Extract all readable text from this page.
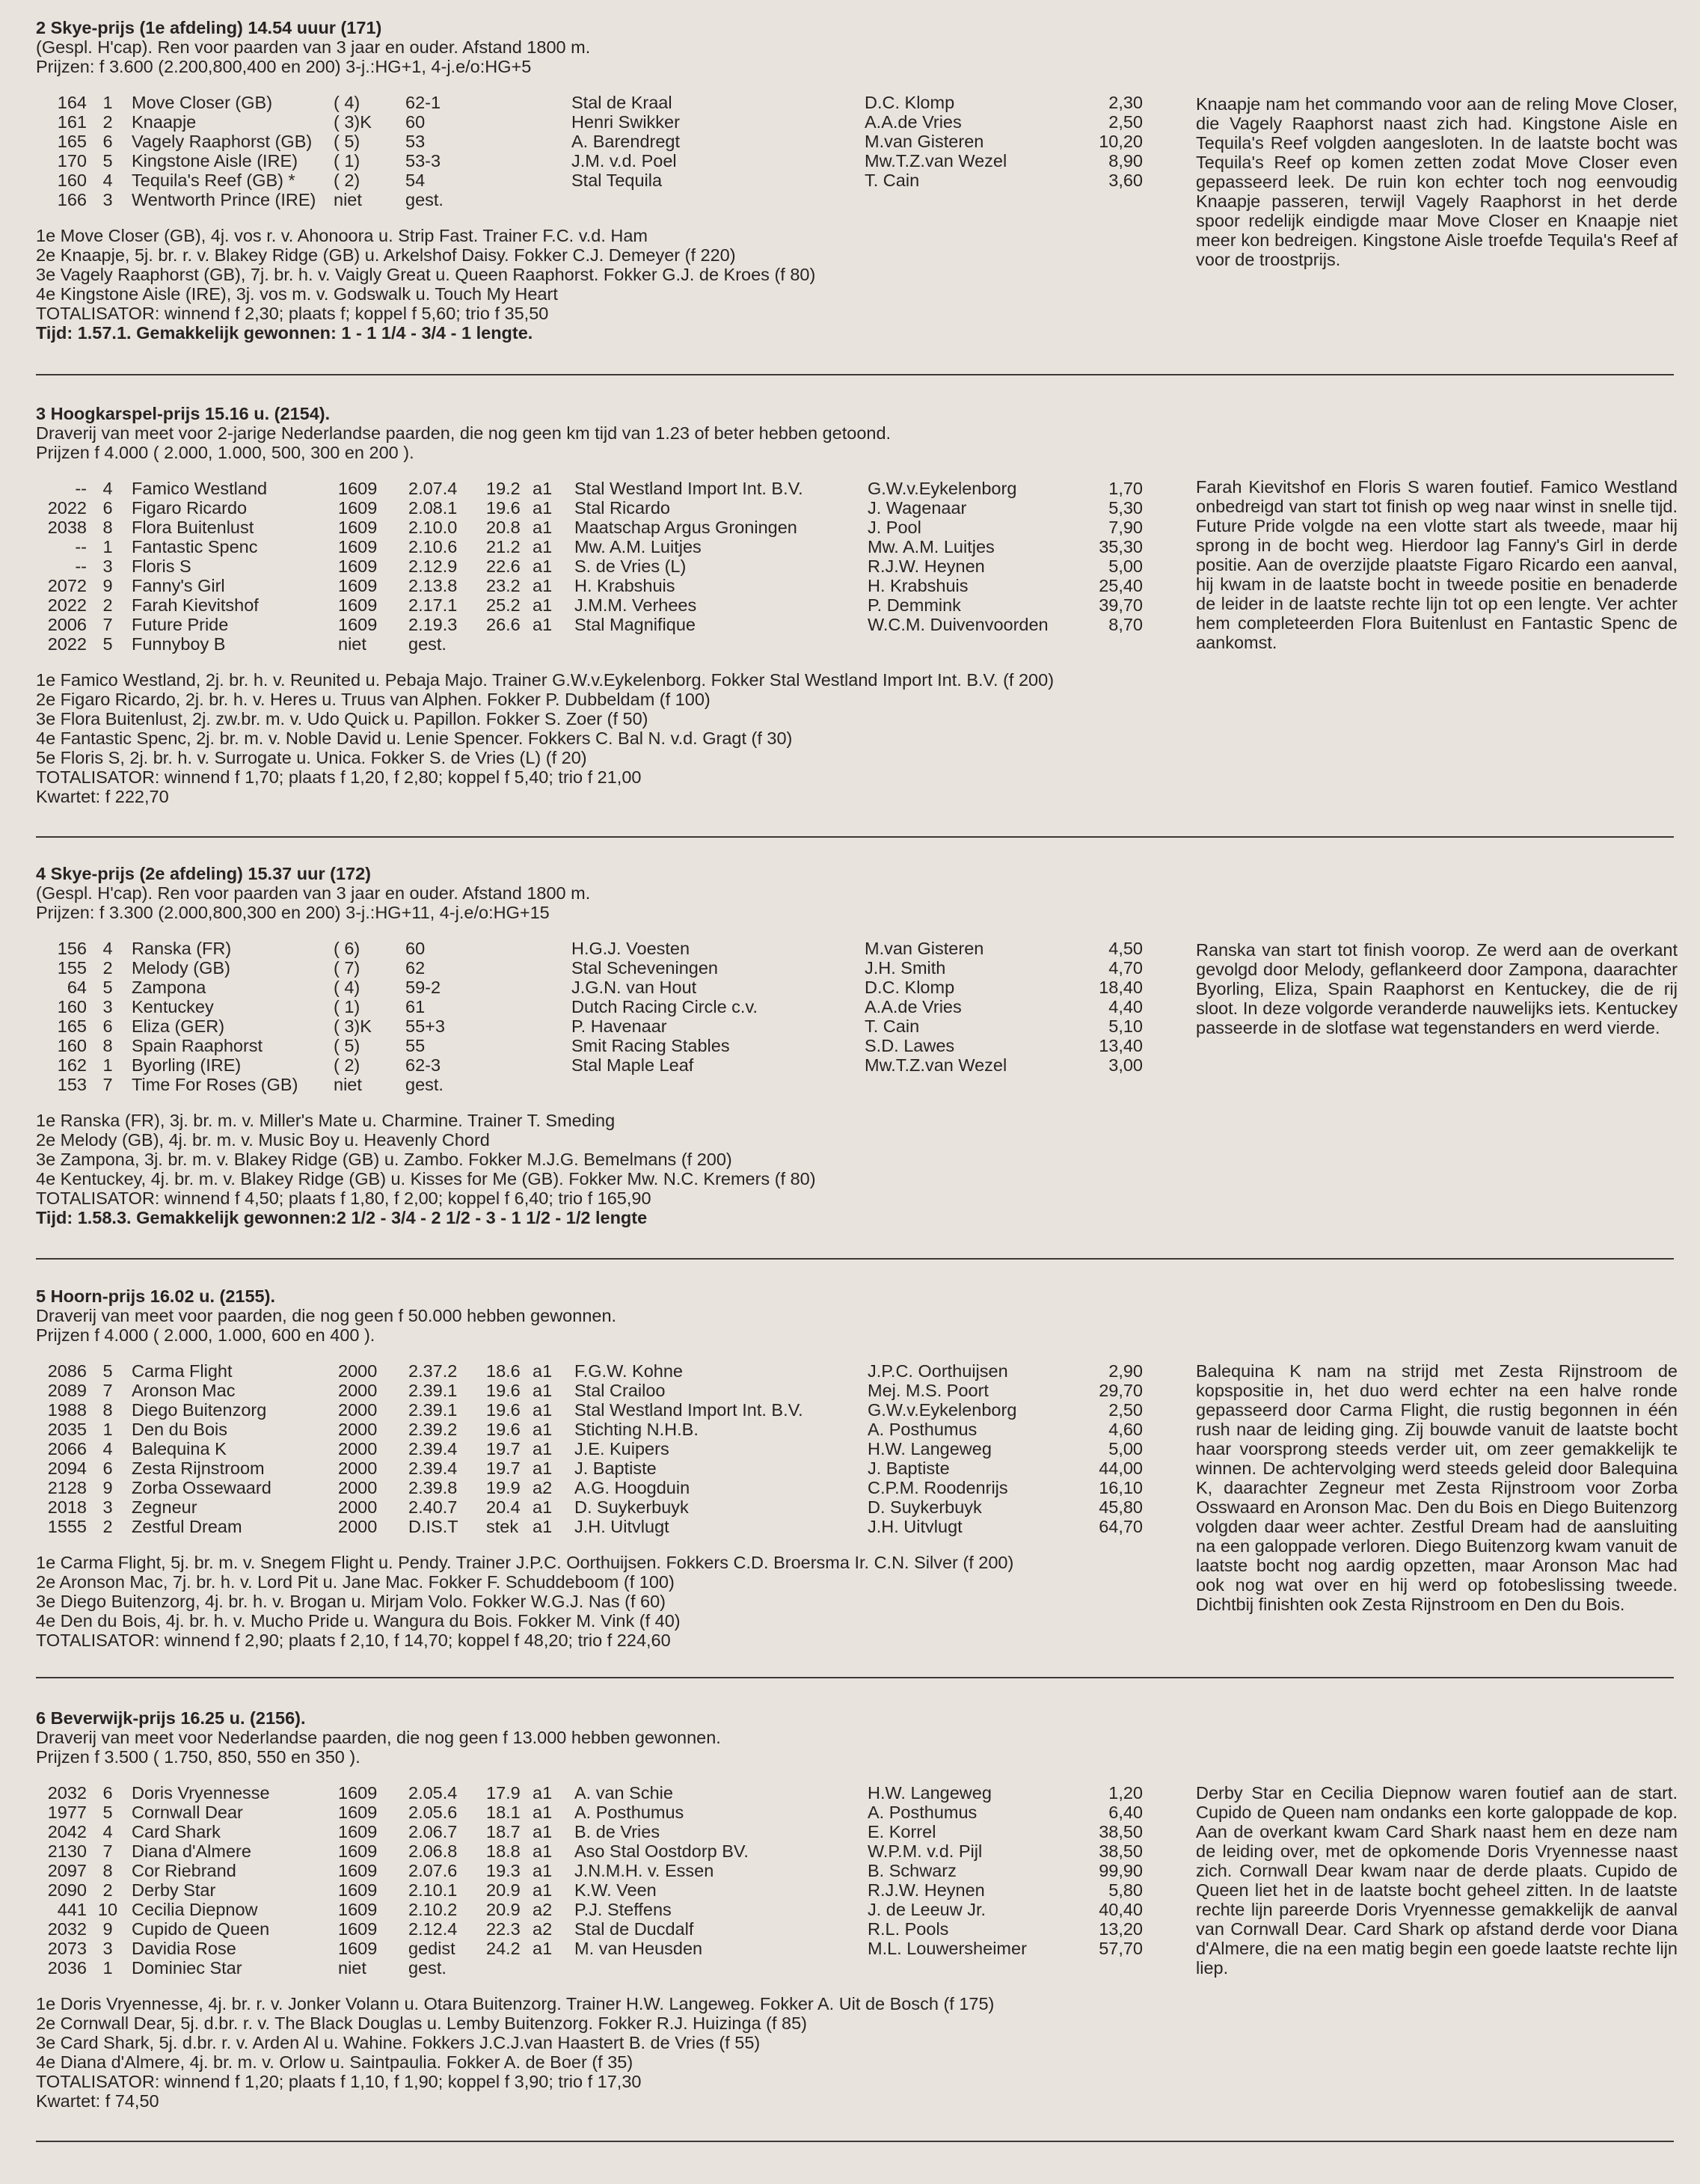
2 Skye-prijs (1e afdeling) 14.54 uuur (171)
(Gespl. H'cap). Ren voor paarden van 3 jaar en ouder. Afstand 1800 m.
Prijzen: f 3.600 (2.200,800,400 en 200) 3-j.:HG+1, 4-j.e/o:HG+5
164 1	Move Closer (GB)	( 4)	62-1	Stal de Kraal	D.C. Klomp	2,30
161 2	Knaapje	( 3)K	60	Henri Swikker	A.A.de Vries	2,50
165 6	Vagely Raaphorst (GB)	( 5)	53	A. Barendregt	M.van Gisteren	10,20
170 5	Kingstone Aisle (IRE)	( 1)	53-3	J.M. v.d. Poel	Mw.T.Z.van Wezel	8,90
160 4	Tequila's Reef (GB) *	( 2)	54	Stal Tequila	T. Cain	3,60
166 3	Wentworth Prince (IRE)	niet	gest.
Knaapje nam het commando voor aan de reling Move Closer, die Vagely Raaphorst naast zich had. Kingstone Aisle en Tequila's Reef volgden aangesloten. In de laatste bocht was Tequila's Reef op komen zetten zodat Move Closer even gepasseerd leek. De ruin kon echter toch nog eenvoudig Knaapje passeren, terwijl Vagely Raaphorst in het derde spoor redelijk eindigde maar Move Closer en Knaapje niet meer kon bedreigen. Kingstone Aisle troefde Tequila's Reef af voor de troostprijs.
1e Move Closer (GB), 4j. vos r. v. Ahonoora u. Strip Fast. Trainer F.C. v.d. Ham
2e Knaapje, 5j. br. r. v. Blakey Ridge (GB) u. Arkelshof Daisy. Fokker C.J. Demeyer (f 220)
3e Vagely Raaphorst (GB), 7j. br. h. v. Vaigly Great u. Queen Raaphorst. Fokker G.J. de Kroes (f 80)
4e Kingstone Aisle (IRE), 3j. vos m. v. Godswalk u. Touch My Heart
TOTALISATOR: winnend f 2,30; plaats f; koppel f 5,60; trio f 35,50
Tijd: 1.57.1. Gemakkelijk gewonnen: 1 - 1 1/4 - 3/4 - 1 lengte.
3 Hoogkarspel-prijs 15.16 u. (2154).
Draverij van meet voor 2-jarige Nederlandse paarden, die nog geen km tijd van 1.23 of beter hebben getoond.
Prijzen f 4.000 ( 2.000, 1.000, 500, 300 en 200 ).
-- 4	Famico Westland	1609	2.07.4	19.2 a1	Stal Westland Import Int. B.V.	G.W.v.Eykelenborg	1,70
2022 6	Figaro Ricardo	1609	2.08.1	19.6 a1	Stal Ricardo	J. Wagenaar	5,30
2038 8	Flora Buitenlust	1609	2.10.0	20.8 a1	Maatschap Argus Groningen	J. Pool	7,90
-- 1	Fantastic Spenc	1609	2.10.6	21.2 a1	Mw. A.M. Luitjes	Mw. A.M. Luitjes	35,30
-- 3	Floris S	1609	2.12.9	22.6 a1	S. de Vries (L)	R.J.W. Heynen	5,00
2072 9	Fanny's Girl	1609	2.13.8	23.2 a1	H. Krabshuis	H. Krabshuis	25,40
2022 2	Farah Kievitshof	1609	2.17.1	25.2 a1	J.M.M. Verhees	P. Demmink	39,70
2006 7	Future Pride	1609	2.19.3	26.6 a1	Stal Magnifique	W.C.M. Duivenvoorden	8,70
2022 5	Funnyboy B	niet	gest.
Farah Kievitshof en Floris S waren foutief. Famico Westland onbedreigd van start tot finish op weg naar winst in snelle tijd. Future Pride volgde na een vlotte start als tweede, maar hij sprong in de bocht weg. Hierdoor lag Fanny's Girl in derde positie. Aan de overzijde plaatste Figaro Ricardo een aanval, hij kwam in de laatste bocht in tweede positie en benaderde de leider in de laatste rechte lijn tot op een lengte. Ver achter hem completeerden Flora Buitenlust en Fantastic Spenc de aankomst.
1e Famico Westland, 2j. br. h. v. Reunited u. Pebaja Majo. Trainer G.W.v.Eykelenborg. Fokker Stal Westland Import Int. B.V. (f 200)
2e Figaro Ricardo, 2j. br. h. v. Heres u. Truus van Alphen. Fokker P. Dubbeldam (f 100)
3e Flora Buitenlust, 2j. zw.br. m. v. Udo Quick u. Papillon. Fokker S. Zoer (f 50)
4e Fantastic Spenc, 2j. br. m. v. Noble David u. Lenie Spencer. Fokkers C. Bal N. v.d. Gragt (f 30)
5e Floris S, 2j. br. h. v. Surrogate u. Unica. Fokker S. de Vries (L) (f 20)
TOTALISATOR: winnend f 1,70; plaats f 1,20, f 2,80; koppel f 5,40; trio f 21,00
Kwartet: f 222,70
4 Skye-prijs (2e afdeling) 15.37 uur (172)
(Gespl. H'cap). Ren voor paarden van 3 jaar en ouder. Afstand 1800 m.
Prijzen: f 3.300 (2.000,800,300 en 200) 3-j.:HG+11, 4-j.e/o:HG+15
156 4	Ranska (FR)	( 6)	60	H.G.J. Voesten	M.van Gisteren	4,50
155 2	Melody (GB)	( 7)	62	Stal Scheveningen	J.H. Smith	4,70
64 5	Zampona	( 4)	59-2	J.G.N. van Hout	D.C. Klomp	18,40
160 3	Kentuckey	( 1)	61	Dutch Racing Circle c.v.	A.A.de Vries	4,40
165 6	Eliza (GER)	( 3)K	55+3	P. Havenaar	T. Cain	5,10
160 8	Spain Raaphorst	( 5)	55	Smit Racing Stables	S.D. Lawes	13,40
162 1	Byorling (IRE)	( 2)	62-3	Stal Maple Leaf	Mw.T.Z.van Wezel	3,00
153 7	Time For Roses (GB)	niet	gest.
Ranska van start tot finish voorop. Ze werd aan de overkant gevolgd door Melody, geflankeerd door Zampona, daarachter Byorling, Eliza, Spain Raaphorst en Kentuckey, die de rij sloot. In deze volgorde veranderde nauwelijks iets. Kentuckey passeerde in de slotfase wat tegenstanders en werd vierde.
1e Ranska (FR), 3j. br. m. v. Miller's Mate u. Charmine. Trainer T. Smeding
2e Melody (GB), 4j. br. m. v. Music Boy u. Heavenly Chord
3e Zampona, 3j. br. m. v. Blakey Ridge (GB) u. Zambo. Fokker M.J.G. Bemelmans (f 200)
4e Kentuckey, 4j. br. m. v. Blakey Ridge (GB) u. Kisses for Me (GB). Fokker Mw. N.C. Kremers (f 80)
TOTALISATOR: winnend f 4,50; plaats f 1,80, f 2,00; koppel f 6,40; trio f 165,90
Tijd: 1.58.3. Gemakkelijk gewonnen:2 1/2 - 3/4 - 2 1/2 - 3 - 1 1/2 - 1/2 lengte
5 Hoorn-prijs 16.02 u. (2155).
Draverij van meet voor paarden, die nog geen f 50.000 hebben gewonnen.
Prijzen f 4.000 ( 2.000, 1.000, 600 en 400 ).
2086 5	Carma Flight	2000	2.37.2	18.6 a1	F.G.W. Kohne	J.P.C. Oorthuijsen	2,90
2089 7	Aronson Mac	2000	2.39.1	19.6 a1	Stal Crailoo	Mej. M.S. Poort	29,70
1988 8	Diego Buitenzorg	2000	2.39.1	19.6 a1	Stal Westland Import Int. B.V.	G.W.v.Eykelenborg	2,50
2035 1	Den du Bois	2000	2.39.2	19.6 a1	Stichting N.H.B.	A. Posthumus	4,60
2066 4	Balequina K	2000	2.39.4	19.7 a1	J.E. Kuipers	H.W. Langeweg	5,00
2094 6	Zesta Rijnstroom	2000	2.39.4	19.7 a1	J. Baptiste	J. Baptiste	44,00
2128 9	Zorba Ossewaard	2000	2.39.8	19.9 a2	A.G. Hoogduin	C.P.M. Roodenrijs	16,10
2018 3	Zegneur	2000	2.40.7	20.4 a1	D. Suykerbuyk	D. Suykerbuyk	45,80
1555 2	Zestful Dream	2000	D.IS.T	stek a1	J.H. Uitvlugt	J.H. Uitvlugt	64,70
Balequina K nam na strijd met Zesta Rijnstroom de kopspositie in, het duo werd echter na een halve ronde gepasseerd door Carma Flight, die rustig begonnen in één rush naar de leiding ging. Zij bouwde vanuit de laatste bocht haar voorsprong steeds verder uit, om zeer gemakkelijk te winnen. De achtervolging werd steeds geleid door Balequina K, daarachter Zegneur met Zesta Rijnstroom voor Zorba Osswaard en Aronson Mac. Den du Bois en Diego Buitenzorg volgden daar weer achter. Zestful Dream had de aansluiting na een galoppade verloren. Diego Buitenzorg kwam vanuit de laatste bocht nog aardig opzetten, maar Aronson Mac had ook nog wat over en hij werd op fotobeslissing tweede. Dichtbij finishten ook Zesta Rijnstroom en Den du Bois.
1e Carma Flight, 5j. br. m. v. Snegem Flight u. Pendy. Trainer J.P.C. Oorthuijsen. Fokkers C.D. Broersma Ir. C.N. Silver (f 200)
2e Aronson Mac, 7j. br. h. v. Lord Pit u. Jane Mac. Fokker F. Schuddeboom (f 100)
3e Diego Buitenzorg, 4j. br. h. v. Brogan u. Mirjam Volo. Fokker W.G.J. Nas (f 60)
4e Den du Bois, 4j. br. h. v. Mucho Pride u. Wangura du Bois. Fokker M. Vink (f 40)
TOTALISATOR: winnend f 2,90; plaats f 2,10, f 14,70; koppel f 48,20; trio f 224,60
6 Beverwijk-prijs 16.25 u. (2156).
Draverij van meet voor Nederlandse paarden, die nog geen f 13.000 hebben gewonnen.
Prijzen f 3.500 ( 1.750, 850, 550 en 350 ).
2032 6	Doris Vryennesse	1609	2.05.4	17.9 a1	A. van Schie	H.W. Langeweg	1,20
1977 5	Cornwall Dear	1609	2.05.6	18.1 a1	A. Posthumus	A. Posthumus	6,40
2042 4	Card Shark	1609	2.06.7	18.7 a1	B. de Vries	E. Korrel	38,50
2130 7	Diana d'Almere	1609	2.06.8	18.8 a1	Aso Stal Oostdorp BV.	W.P.M. v.d. Pijl	38,50
2097 8	Cor Riebrand	1609	2.07.6	19.3 a1	J.N.M.H. v. Essen	B. Schwarz	99,90
2090 2	Derby Star	1609	2.10.1	20.9 a1	K.W. Veen	R.J.W. Heynen	5,80
441 10 Cecilia Diepnow	1609	2.10.2	20.9 a2	P.J. Steffens	J. de Leeuw Jr.	40,40
2032 9	Cupido de Queen	1609	2.12.4	22.3 a2	Stal de Ducdalf	R.L. Pools	13,20
2073 3	Davidia Rose	1609	gedist	24.2 a1	M. van Heusden	M.L. Louwersheimer	57,70
2036 1	Dominiec Star	niet	gest.
Derby Star en Cecilia Diepnow waren foutief aan de start. Cupido de Queen nam ondanks een korte galoppade de kop. Aan de overkant kwam Card Shark naast hem en deze nam de leiding over, met de opkomende Doris Vryennesse naast zich. Cornwall Dear kwam naar de derde plaats. Cupido de Queen liet het in de laatste bocht geheel zitten. In de laatste rechte lijn pareerde Doris Vryennesse gemakkelijk de aanval van Cornwall Dear. Card Shark op afstand derde voor Diana d'Almere, die na een matig begin een goede laatste rechte lijn liep.
1e Doris Vryennesse, 4j. br. r. v. Jonker Volann u. Otara Buitenzorg. Trainer H.W. Langeweg. Fokker A. Uit de Bosch (f 175)
2e Cornwall Dear, 5j. d.br. r. v. The Black Douglas u. Lemby Buitenzorg. Fokker R.J. Huizinga (f 85)
3e Card Shark, 5j. d.br. r. v. Arden Al u. Wahine. Fokkers J.C.J.van Haastert B. de Vries (f 55)
4e Diana d'Almere, 4j. br. m. v. Orlow u. Saintpaulia. Fokker A. de Boer (f 35)
TOTALISATOR: winnend f 1,20; plaats f 1,10, f 1,90; koppel f 3,90; trio f 17,30
Kwartet: f 74,50
